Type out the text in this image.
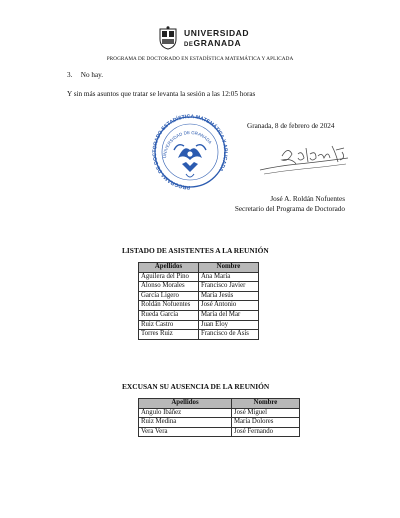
UNIVERSIDAD
DEGRANADA
PROGRAMA DE DOCTORADO EN ESTADÍSTICA MATEMÁTICA Y APLICADA
3. No hay.
Y sin más asuntos que tratar se levanta la sesión a las 12:05 horas
PROGRAMA DE DOCTORADO ESTADÍSTICA MATEMÁTICA Y APLICADA
UNIVERSIDAD DE GRANADA
Granada, 8 de febrero de 2024
José A. Roldán Nofuentes
Secretario del Programa de Doctorado
LISTADO DE ASISTENTES A LA REUNIÓN
Apellidos	Nombre
Aguilera del Pino	Ana María
Alonso Morales	Francisco Javier
García Ligero	María Jesús
Roldán Nofuentes	José Antonio
Rueda García	María del Mar
Ruiz Castro	Juan Eloy
Torres Ruiz	Francisco de Asís
EXCUSAN SU AUSENCIA DE LA REUNIÓN
Apellidos	Nombre
Angulo Ibáñez	José Miguel
Ruiz Medina	María Dolores
Vera Vera	José Fernando
